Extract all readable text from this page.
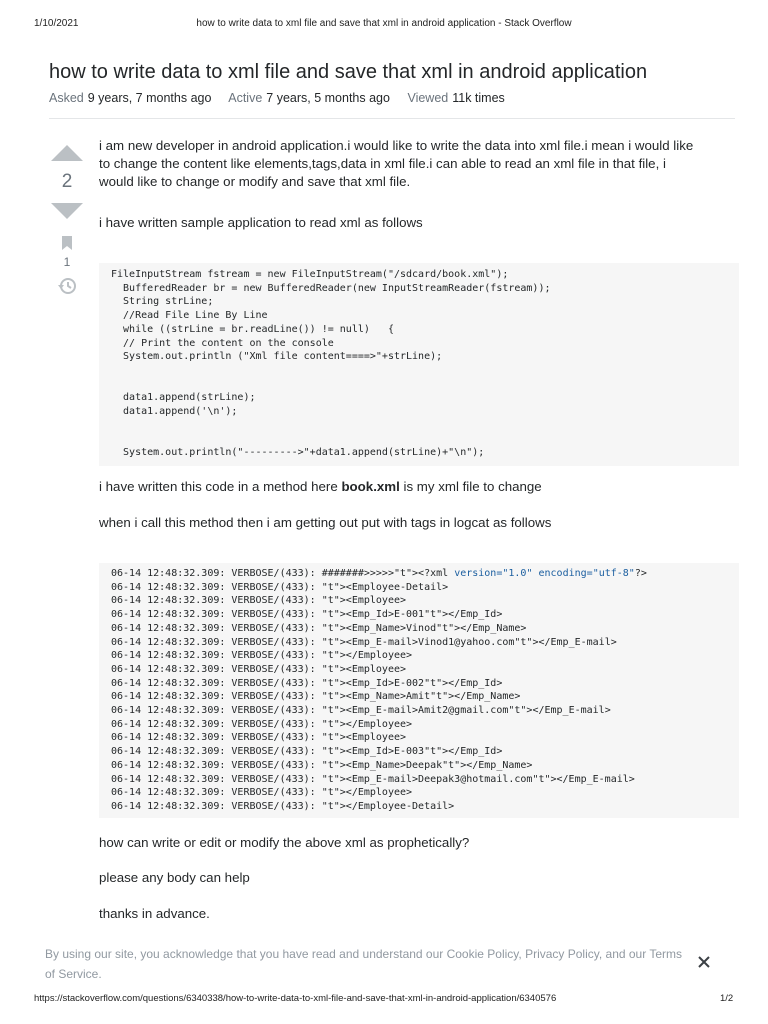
1/10/2021	how to write data to xml file and save that xml in android application - Stack Overflow
how to write data to xml file and save that xml in android application
Asked 9 years, 7 months ago Active 7 years, 5 months ago Viewed 11k times
2
1

i am new developer in android application.i would like to write the data into xml file.i mean i would like to change the content like elements,tags,data in xml file.i can able to read an xml file in that file, i would like to change or modify and save that xml file.

i have written sample application to read xml as follows

FileInputStream fstream = new FileInputStream("/sdcard/book.xml");
BufferedReader br = new BufferedReader(new InputStreamReader(fstream));
String strLine;
//Read File Line By Line
while ((strLine = br.readLine()) != null)   {
// Print the content on the console
System.out.println ("Xml file content====>"+strLine);

data1.append(strLine);
data1.append('\n');

System.out.println("--------->"+data1.append(strLine)+"\n");
i have written this code in a method here book.xml is my xml file to change
when i call this method then i am getting out put with tags in logcat as follows
06-14 12:48:32.309: VERBOSE/(433): #######>>>>>"t"><?xml version="1.0" encoding="utf-8"?>
06-14 12:48:32.309: VERBOSE/(433): "t"><Employee-Detail>
06-14 12:48:32.309: VERBOSE/(433): "t"><Employee>
06-14 12:48:32.309: VERBOSE/(433): "t"><Emp_Id>E-001"t"></Emp_Id>
06-14 12:48:32.309: VERBOSE/(433): "t"><Emp_Name>Vinod"t"></Emp_Name>
06-14 12:48:32.309: VERBOSE/(433): "t"><Emp_E-mail>Vinod1@yahoo.com"t"></Emp_E-mail>
06-14 12:48:32.309: VERBOSE/(433): "t"></Employee>
06-14 12:48:32.309: VERBOSE/(433): "t"><Employee>
06-14 12:48:32.309: VERBOSE/(433): "t"><Emp_Id>E-002"t"></Emp_Id>
06-14 12:48:32.309: VERBOSE/(433): "t"><Emp_Name>Amit"t"></Emp_Name>
06-14 12:48:32.309: VERBOSE/(433): "t"><Emp_E-mail>Amit2@gmail.com"t"></Emp_E-mail>
06-14 12:48:32.309: VERBOSE/(433): "t"></Employee>
06-14 12:48:32.309: VERBOSE/(433): "t"><Employee>
06-14 12:48:32.309: VERBOSE/(433): "t"><Emp_Id>E-003"t"></Emp_Id>
06-14 12:48:32.309: VERBOSE/(433): "t"><Emp_Name>Deepak"t"></Emp_Name>
06-14 12:48:32.309: VERBOSE/(433): "t"><Emp_E-mail>Deepak3@hotmail.com"t"></Emp_E-mail>
06-14 12:48:32.309: VERBOSE/(433): "t"></Employee>
06-14 12:48:32.309: VERBOSE/(433): "t"></Employee-Detail>
how can write or edit or modify the above xml as prophetically?
please any body can help
thanks in advance.
By using our site, you acknowledge that you have read and understand our Cookie Policy, Privacy Policy, and our Terms of Service.
https://stackoverflow.com/questions/6340338/how-to-write-data-to-xml-file-and-save-that-xml-in-android-application/6340576	1/2
